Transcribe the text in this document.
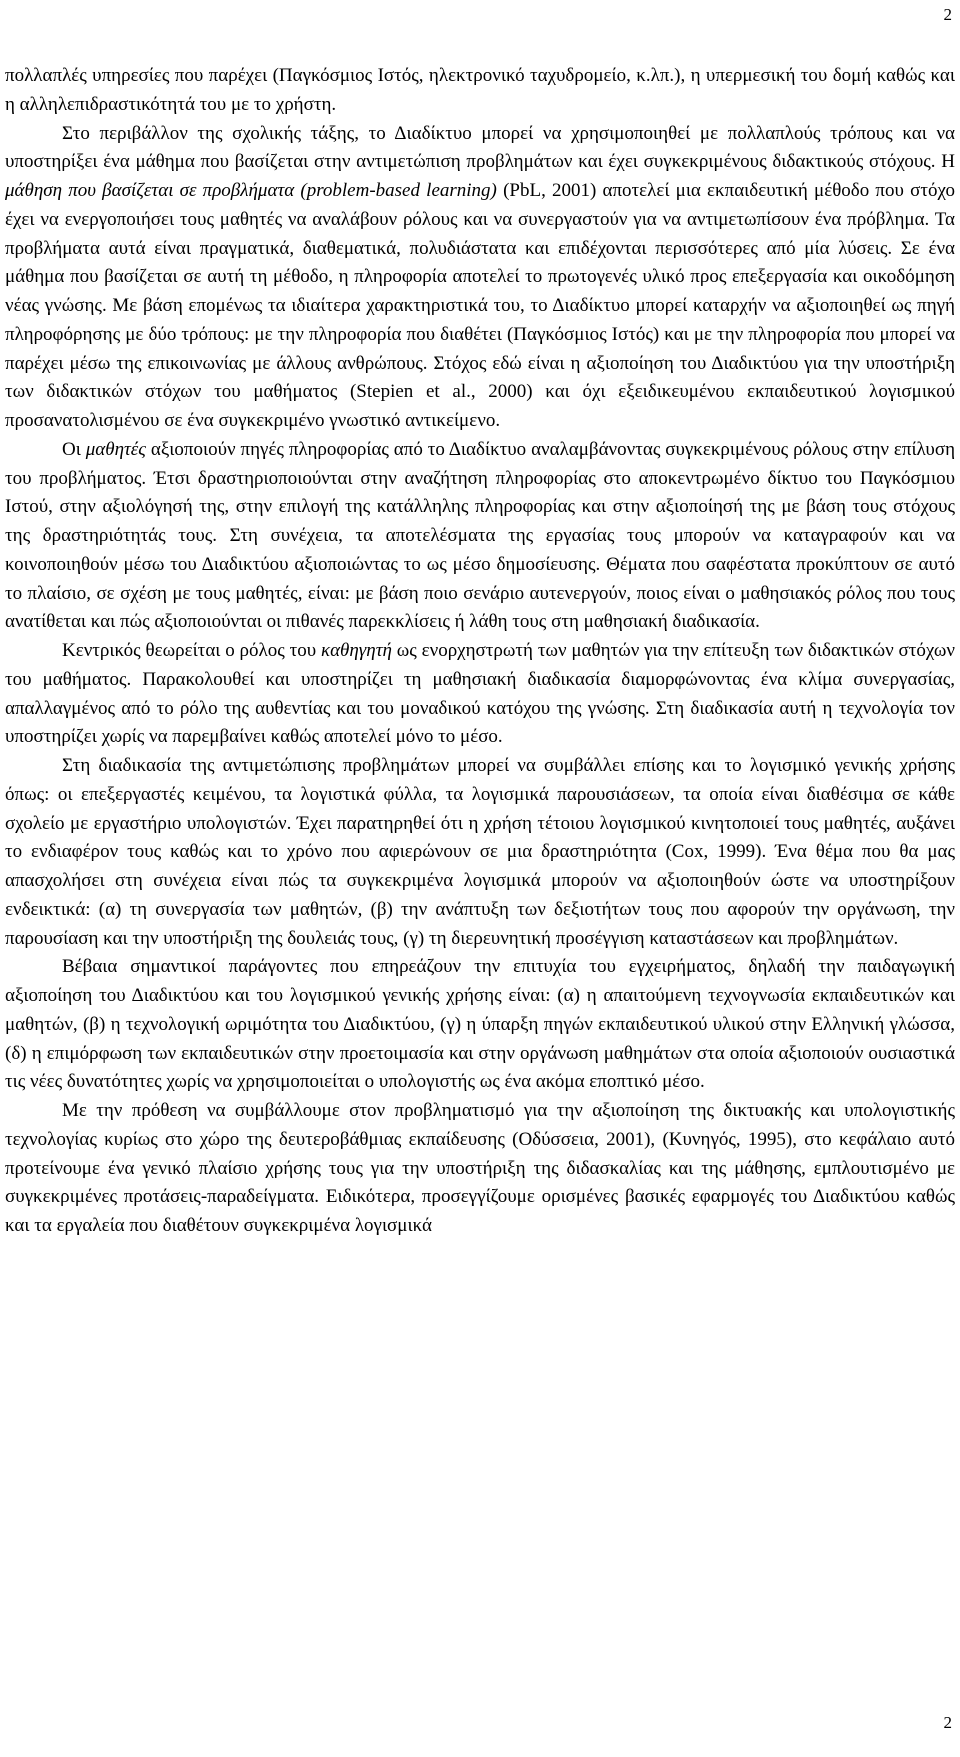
2

πολλαπλές υπηρεσίες που παρέχει (Παγκόσμιος Ιστός, ηλεκτρονικό ταχυδρομείο, κ.λπ.), η υπερμεσική του δομή καθώς και η αλληλεπιδραστικότητά του με το χρήστη.

Στο περιβάλλον της σχολικής τάξης, το Διαδίκτυο μπορεί να χρησιμοποιηθεί με πολλαπλούς τρόπους και να υποστηρίξει ένα μάθημα που βασίζεται στην αντιμετώπιση προβλημάτων και έχει συγκεκριμένους διδακτικούς στόχους. Η μάθηση που βασίζεται σε προβλήματα (problem-based learning) (PbL, 2001) αποτελεί μια εκπαιδευτική μέθοδο που στόχο έχει να ενεργοποιήσει τους μαθητές να αναλάβουν ρόλους και να συνεργαστούν για να αντιμετωπίσουν ένα πρόβλημα. Τα προβλήματα αυτά είναι πραγματικά, διαθεματικά, πολυδιάστατα και επιδέχονται περισσότερες από μία λύσεις. Σε ένα μάθημα που βασίζεται σε αυτή τη μέθοδο, η πληροφορία αποτελεί το πρωτογενές υλικό προς επεξεργασία και οικοδόμηση νέας γνώσης. Με βάση επομένως τα ιδιαίτερα χαρακτηριστικά του, το Διαδίκτυο μπορεί καταρχήν να αξιοποιηθεί ως πηγή πληροφόρησης με δύο τρόπους: με την πληροφορία που διαθέτει (Παγκόσμιος Ιστός) και με την πληροφορία που μπορεί να παρέχει μέσω της επικοινωνίας με άλλους ανθρώπους. Στόχος εδώ είναι η αξιοποίηση του Διαδικτύου για την υποστήριξη των διδακτικών στόχων του μαθήματος (Stepien et al., 2000) και όχι εξειδικευμένου εκπαιδευτικού λογισμικού προσανατολισμένου σε ένα συγκεκριμένο γνωστικό αντικείμενο.

Οι μαθητές αξιοποιούν πηγές πληροφορίας από το Διαδίκτυο αναλαμβάνοντας συγκεκριμένους ρόλους στην επίλυση του προβλήματος. Έτσι δραστηριοποιούνται στην αναζήτηση πληροφορίας στο αποκεντρωμένο δίκτυο του Παγκόσμιου Ιστού, στην αξιολόγησή της, στην επιλογή της κατάλληλης πληροφορίας και στην αξιοποίησή της με βάση τους στόχους της δραστηριότητάς τους. Στη συνέχεια, τα αποτελέσματα της εργασίας τους μπορούν να καταγραφούν και να κοινοποιηθούν μέσω του Διαδικτύου αξιοποιώντας το ως μέσο δημοσίευσης. Θέματα που σαφέστατα προκύπτουν σε αυτό το πλαίσιο, σε σχέση με τους μαθητές, είναι: με βάση ποιο σενάριο αυτενεργούν, ποιος είναι ο μαθησιακός ρόλος που τους ανατίθεται και πώς αξιοποιούνται οι πιθανές παρεκκλίσεις ή λάθη τους στη μαθησιακή διαδικασία.

Κεντρικός θεωρείται ο ρόλος του καθηγητή ως ενορχηστρωτή των μαθητών για την επίτευξη των διδακτικών στόχων του μαθήματος. Παρακολουθεί και υποστηρίζει τη μαθησιακή διαδικασία διαμορφώνοντας ένα κλίμα συνεργασίας, απαλλαγμένος από το ρόλο της αυθεντίας και του μοναδικού κατόχου της γνώσης. Στη διαδικασία αυτή η τεχνολογία τον υποστηρίζει χωρίς να παρεμβαίνει καθώς αποτελεί μόνο το μέσο.

Στη διαδικασία της αντιμετώπισης προβλημάτων μπορεί να συμβάλλει επίσης και το λογισμικό γενικής χρήσης όπως: οι επεξεργαστές κειμένου, τα λογιστικά φύλλα, τα λογισμικά παρουσιάσεων, τα οποία είναι διαθέσιμα σε κάθε σχολείο με εργαστήριο υπολογιστών. Έχει παρατηρηθεί ότι η χρήση τέτοιου λογισμικού κινητοποιεί τους μαθητές, αυξάνει το ενδιαφέρον τους καθώς και το χρόνο που αφιερώνουν σε μια δραστηριότητα (Cox, 1999). Ένα θέμα που θα μας απασχολήσει στη συνέχεια είναι πώς τα συγκεκριμένα λογισμικά μπορούν να αξιοποιηθούν ώστε να υποστηρίξουν ενδεικτικά: (α) τη συνεργασία των μαθητών, (β) την ανάπτυξη των δεξιοτήτων τους που αφορούν την οργάνωση, την παρουσίαση και την υποστήριξη της δουλειάς τους, (γ) τη διερευνητική προσέγγιση καταστάσεων και προβλημάτων.

Βέβαια σημαντικοί παράγοντες που επηρεάζουν την επιτυχία του εγχειρήματος, δηλαδή την παιδαγωγική αξιοποίηση του Διαδικτύου και του λογισμικού γενικής χρήσης είναι: (α) η απαιτούμενη τεχνογνωσία εκπαιδευτικών και μαθητών, (β) η τεχνολογική ωριμότητα του Διαδικτύου, (γ) η ύπαρξη πηγών εκπαιδευτικού υλικού στην Ελληνική γλώσσα, (δ) η επιμόρφωση των εκπαιδευτικών στην προετοιμασία και στην οργάνωση μαθημάτων στα οποία αξιοποιούν ουσιαστικά τις νέες δυνατότητες χωρίς να χρησιμοποιείται ο υπολογιστής ως ένα ακόμα εποπτικό μέσο.

Με την πρόθεση να συμβάλλουμε στον προβληματισμό για την αξιοποίηση της δικτυακής και υπολογιστικής τεχνολογίας κυρίως στο χώρο της δευτεροβάθμιας εκπαίδευσης (Οδύσσεια, 2001), (Κυνηγός, 1995), στο κεφάλαιο αυτό προτείνουμε ένα γενικό πλαίσιο χρήσης τους για την υποστήριξη της διδασκαλίας και της μάθησης, εμπλουτισμένο με συγκεκριμένες προτάσεις-παραδείγματα. Ειδικότερα, προσεγγίζουμε ορισμένες βασικές εφαρμογές του Διαδικτύου καθώς και τα εργαλεία που διαθέτουν συγκεκριμένα λογισμικά

2
